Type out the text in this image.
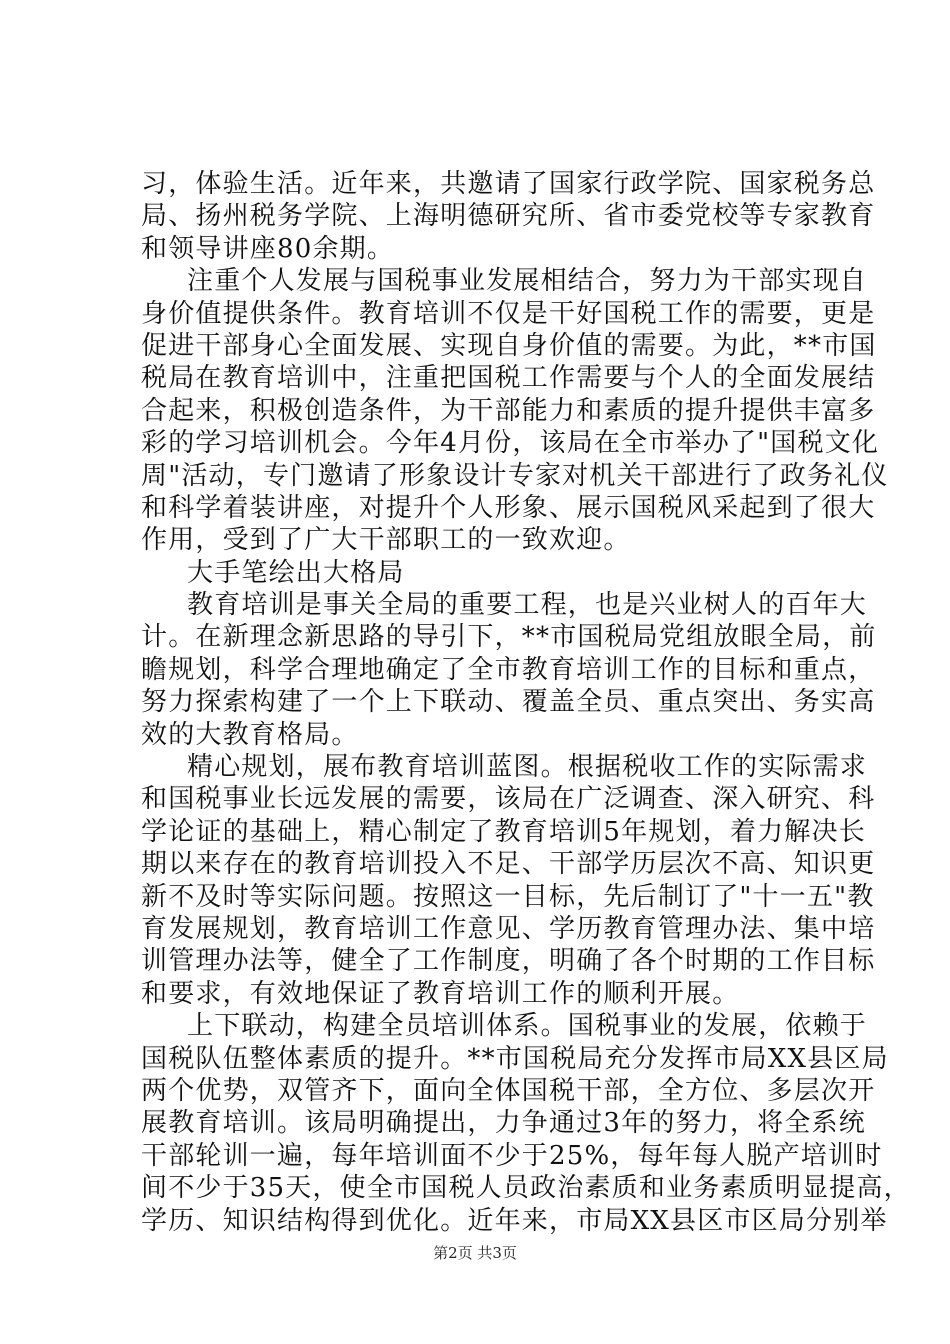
习，体验生活。近年来，共邀请了国家行政学院、国家税务总
局、扬州税务学院、上海明德研究所、省市委党校等专家教育
和领导讲座80余期。
注重个人发展与国税事业发展相结合，努力为干部实现自
身价值提供条件。教育培训不仅是干好国税工作的需要，更是
促进干部身心全面发展、实现自身价值的需要。为此，**市国
税局在教育培训中，注重把国税工作需要与个人的全面发展结
合起来，积极创造条件，为干部能力和素质的提升提供丰富多
彩的学习培训机会。今年4月份，该局在全市举办了"国税文化
周"活动，专门邀请了形象设计专家对机关干部进行了政务礼仪
和科学着装讲座，对提升个人形象、展示国税风采起到了很大
作用，受到了广大干部职工的一致欢迎。
大手笔绘出大格局
教育培训是事关全局的重要工程，也是兴业树人的百年大
计。在新理念新思路的导引下，**市国税局党组放眼全局，前
瞻规划，科学合理地确定了全市教育培训工作的目标和重点，
努力探索构建了一个上下联动、覆盖全员、重点突出、务实高
效的大教育格局。
精心规划，展布教育培训蓝图。根据税收工作的实际需求
和国税事业长远发展的需要，该局在广泛调查、深入研究、科
学论证的基础上，精心制定了教育培训5年规划，着力解决长
期以来存在的教育培训投入不足、干部学历层次不高、知识更
新不及时等实际问题。按照这一目标，先后制订了"十一五"教
育发展规划，教育培训工作意见、学历教育管理办法、集中培
训管理办法等，健全了工作制度，明确了各个时期的工作目标
和要求，有效地保证了教育培训工作的顺利开展。
上下联动，构建全员培训体系。国税事业的发展，依赖于
国税队伍整体素质的提升。**市国税局充分发挥市局XX县区局
两个优势，双管齐下，面向全体国税干部，全方位、多层次开
展教育培训。该局明确提出，力争通过3年的努力，将全系统
干部轮训一遍，每年培训面不少于25%，每年每人脱产培训时
间不少于35天，使全市国税人员政治素质和业务素质明显提高，
学历、知识结构得到优化。近年来，市局XX县区市区局分别举
第2页 共3页
